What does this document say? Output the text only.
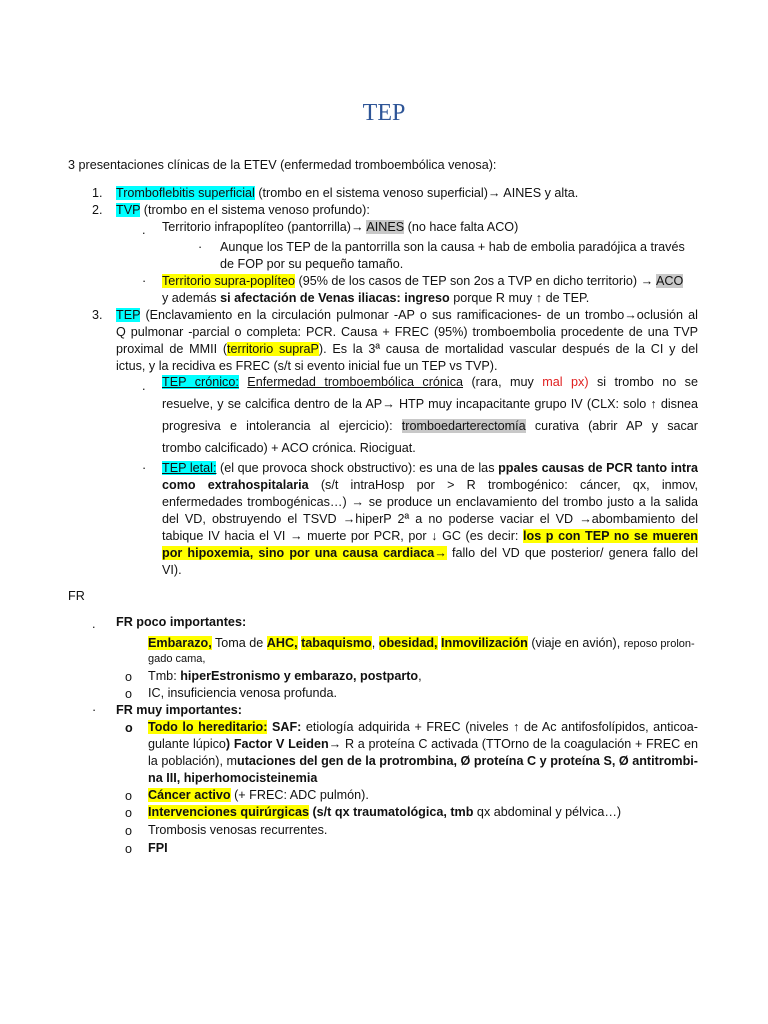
TEP
3 presentaciones clínicas de la ETEV (enfermedad tromboembólica venosa):
1. Tromboflebitis superficial (trombo en el sistema venoso superficial)→ AINES y alta.
2. TVP (trombo en el sistema venoso profundo):
. Territorio infrapoplíteo (pantorrilla)→ AINES (no hace falta ACO)
· Aunque los TEP de la pantorrilla son la causa + hab de embolia paradójica a través
de FOP por su pequeño tamaño.
· Territorio supra-poplíteo (95% de los casos de TEP son 2os a TVP en dicho territorio) → ACO
y además si afectación de Venas iliacas: ingreso porque R muy ↑ de TEP.
3. TEP (Enclavamiento en la circulación pulmonar -AP o sus ramificaciones- de un trombo→oclusión al
Q pulmonar -parcial o completa: PCR. Causa + FREC (95%) tromboembolia procedente de una TVP
proximal de MMII (territorio supraP). Es la 3ª causa de mortalidad vascular después de la CI y del
ictus, y la recidiva es FREC (s/t si evento inicial fue un TEP vs TVP).
. TEP crónico: Enfermedad tromboembólica crónica (rara, muy mal px) si trombo no se
resuelve, y se calcifica dentro de la AP→ HTP muy incapacitante grupo IV (CLX: solo ↑ disnea
progresiva e intolerancia al ejercicio): tromboedarterectomía curativa (abrir AP y sacar
trombo calcificado) + ACO crónica. Riociguat.
· TEP letal: (el que provoca shock obstructivo): es una de las ppales causas de PCR tanto intra
como extrahospitalaria (s/t intraHosp por > R trombogénico: cáncer, qx, inmov,
enfermedades trombogénicas…) → se produce un enclavamiento del trombo justo a la salida
del VD, obstruyendo el TSVD →hiperP 2ª a no poderse vaciar el VD →abombamiento del
tabique IV hacia el VI → muerte por PCR, por ↓ GC (es decir: los p con TEP no se mueren
por hipoxemia, sino por una causa cardiaca→ fallo del VD que posterior/ genera fallo del
VI).
FR
. FR poco importantes:
Embarazo, Toma de AHC, tabaquismo, obesidad, Inmovilización (viaje en avión), reposo prolon-
gado cama,
o Tmb: hiperEstronismo y embarazo, postparto,
o IC, insuficiencia venosa profunda.
· FR muy importantes:
o Todo lo hereditario: SAF: etiología adquirida + FREC (niveles ↑ de Ac antifosfolípidos, anticoa-
gulante lúpico) Factor V Leiden→ R a proteína C activada (TTOrno de la coagulación + FREC en
la población), mutaciones del gen de la protrombina, Ø proteína C y proteína S, Ø antitrombi-
na III, hiperhomocisteinemia
o Cáncer activo (+ FREC: ADC pulmón).
o Intervenciones quirúrgicas (s/t qx traumatológica, tmb qx abdominal y pélvica…)
o Trombosis venosas recurrentes.
o FPI
